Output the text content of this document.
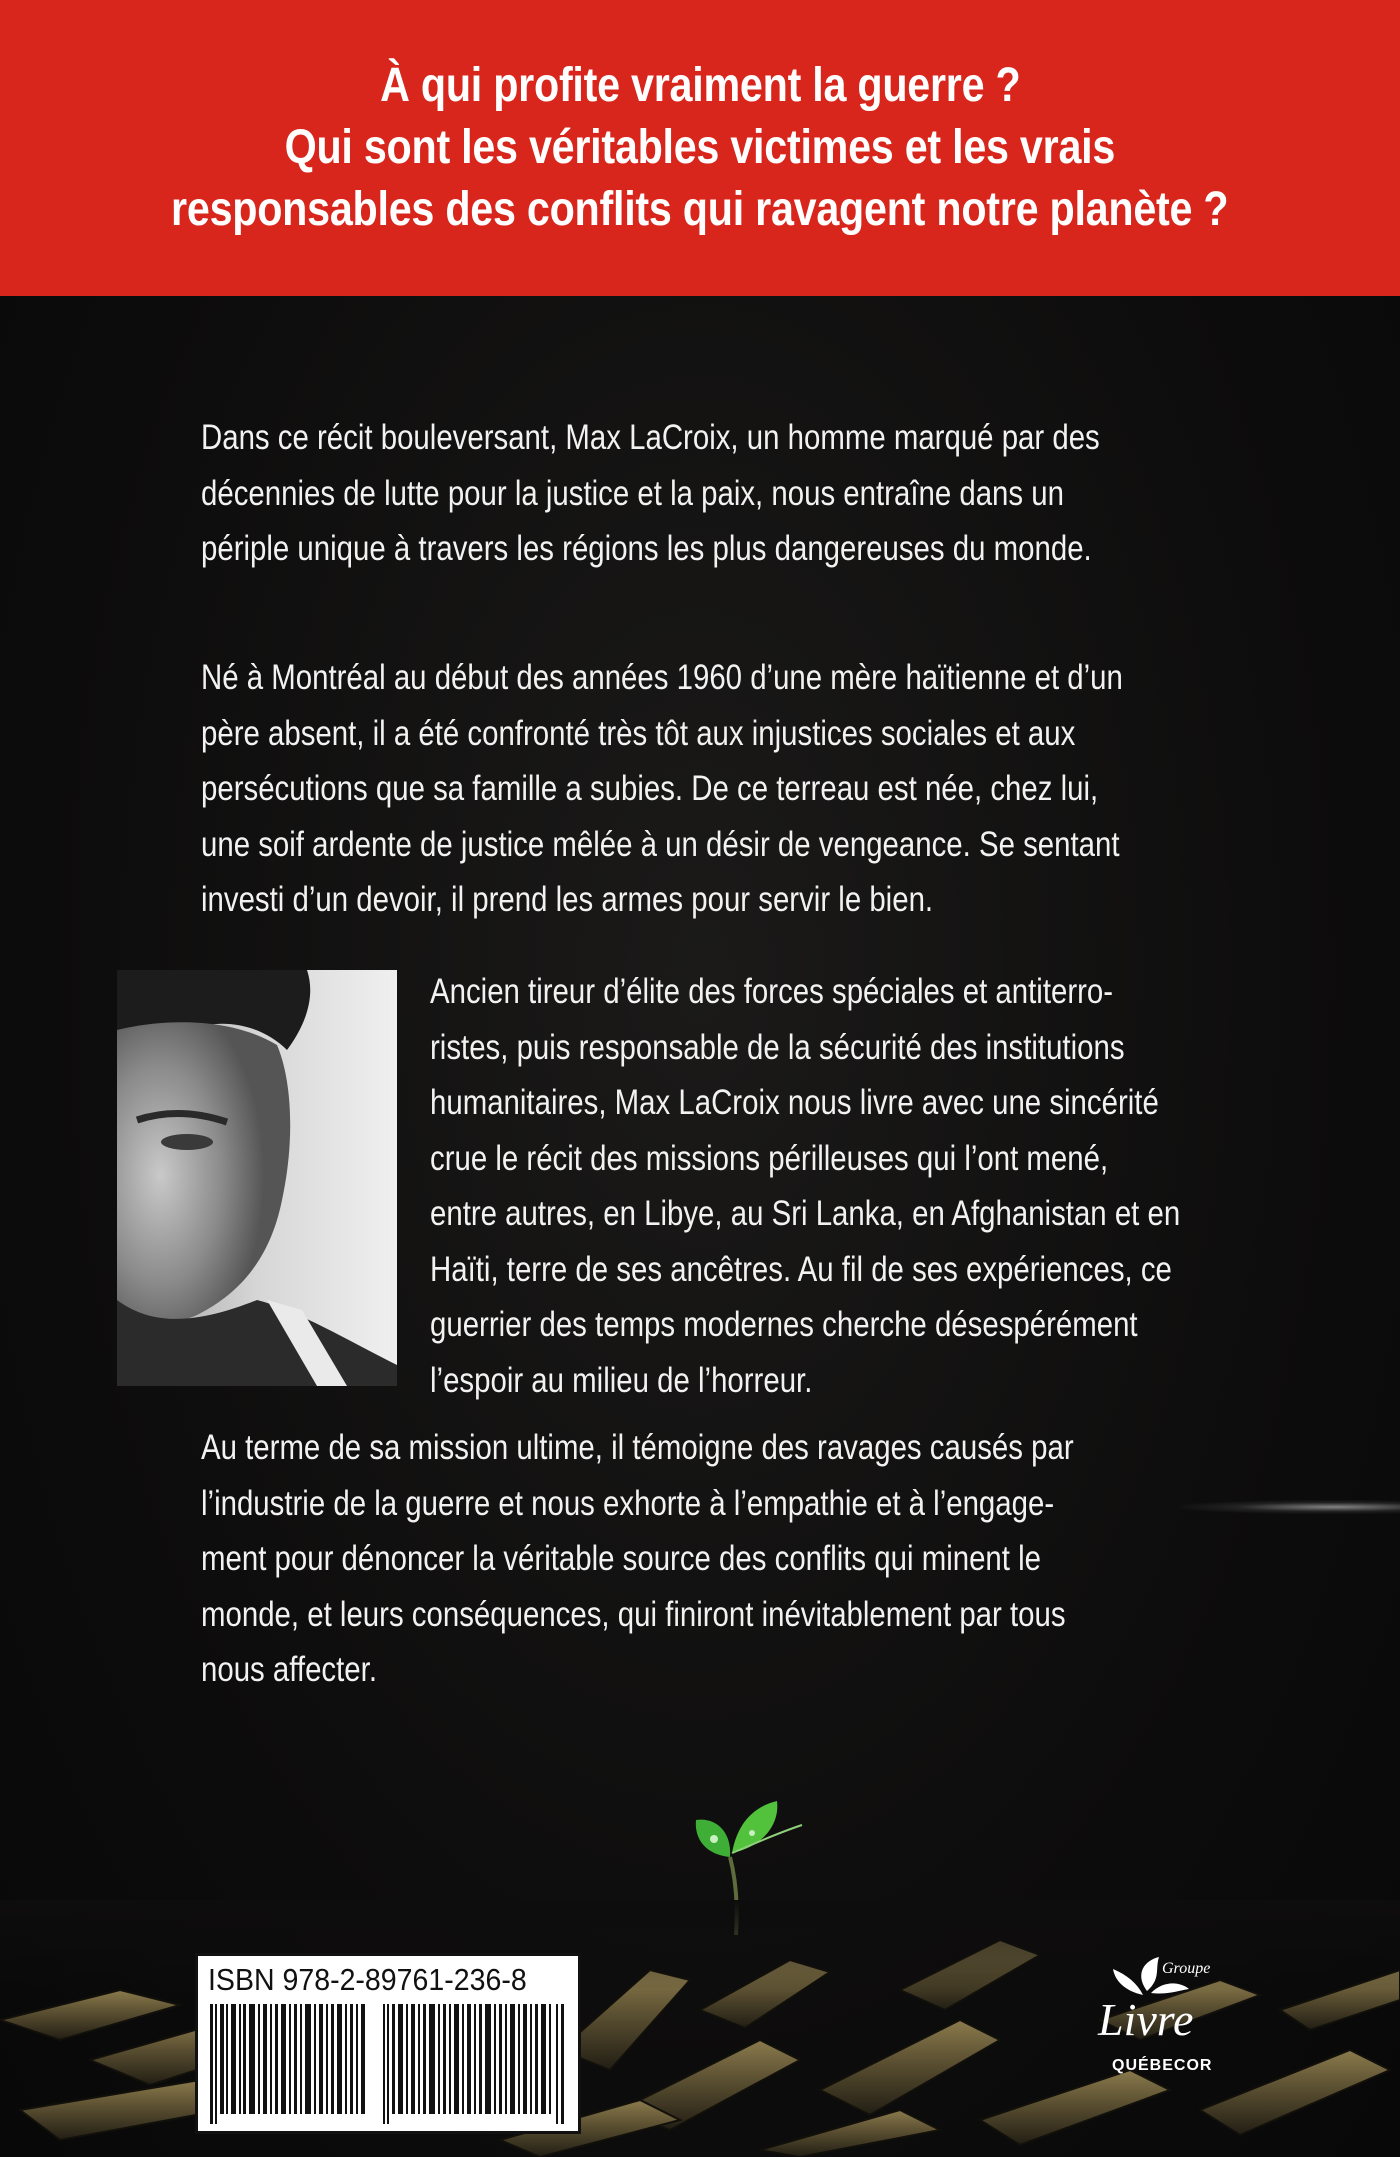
À qui profite vraiment la guerre ?
Qui sont les véritables victimes et les vrais
responsables des conflits qui ravagent notre planète ?
Dans ce récit bouleversant, Max LaCroix, un homme marqué par des
décennies de lutte pour la justice et la paix, nous entraîne dans un
périple unique à travers les régions les plus dangereuses du monde.
Né à Montréal au début des années 1960 d’une mère haïtienne et d’un
père absent, il a été confronté très tôt aux injustices sociales et aux
persécutions que sa famille a subies. De ce terreau est née, chez lui,
une soif ardente de justice mêlée à un désir de vengeance. Se sentant
investi d’un devoir, il prend les armes pour servir le bien.
Ancien tireur d’élite des forces spéciales et antiterro-
ristes, puis responsable de la sécurité des institutions
humanitaires, Max LaCroix nous livre avec une sincérité
crue le récit des missions périlleuses qui l’ont mené,
entre autres, en Libye, au Sri Lanka, en Afghanistan et en
Haïti, terre de ses ancêtres. Au fil de ses expériences, ce
guerrier des temps modernes cherche désespérément
l’espoir au milieu de l’horreur.
Au terme de sa mission ultime, il témoigne des ravages causés par
l’industrie de la guerre et nous exhorte à l’empathie et à l’engage-
ment pour dénoncer la véritable source des conflits qui minent le
monde, et leurs conséquences, qui finiront inévitablement par tous
nous affecter.
ISBN 978-2-89761-236-8	Groupe
Livre
QUÉBECOR
